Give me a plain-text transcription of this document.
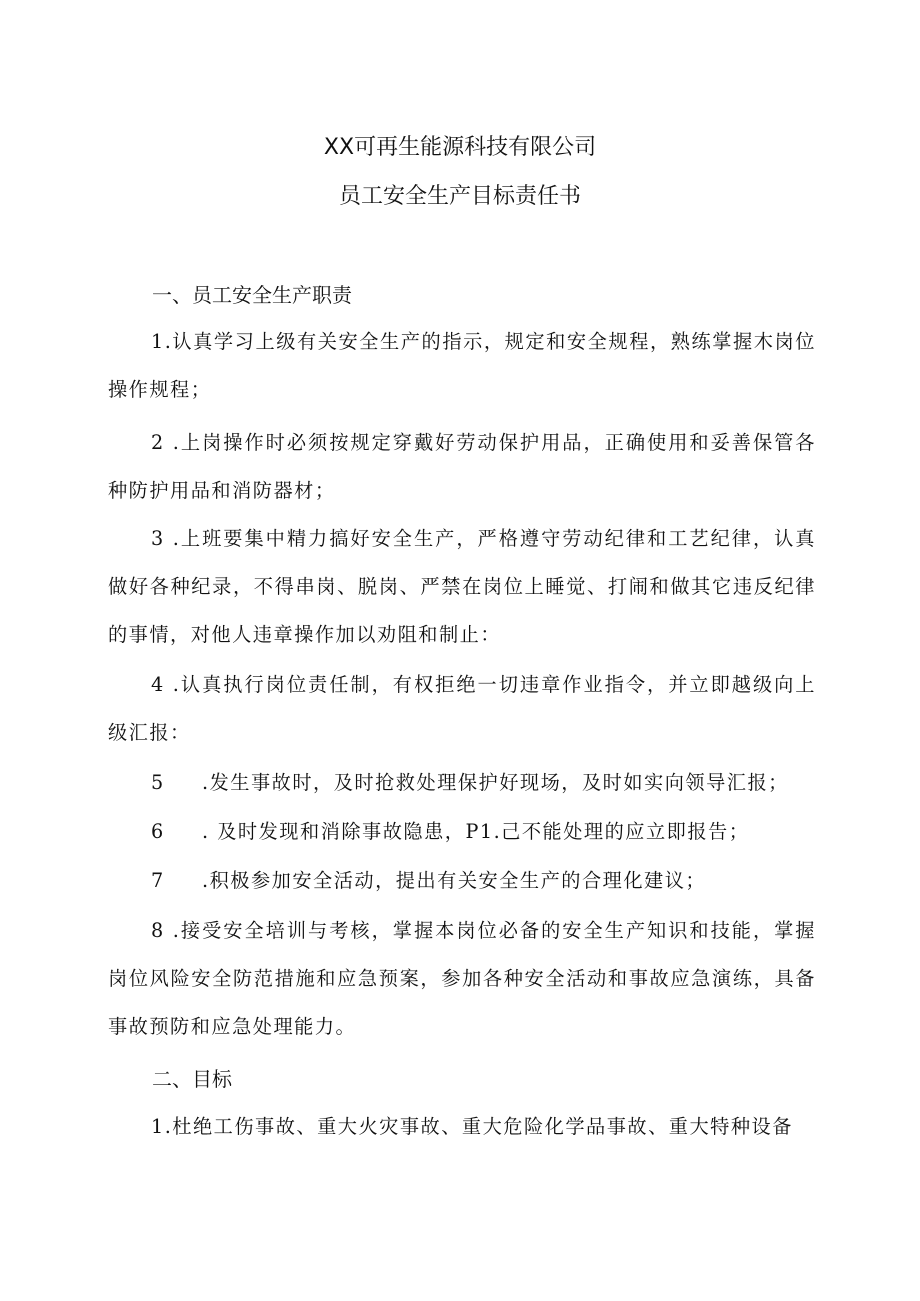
XX可再生能源科技有限公司
员工安全生产目标责任书
一、员工安全生产职责

1.认真学习上级有关安全生产的指示，规定和安全规程，熟练掌握木岗位操作规程；

2 .上岗操作时必须按规定穿戴好劳动保护用品，正确使用和妥善保管各种防护用品和消防器材；

3 .上班要集中精力搞好安全生产，严格遵守劳动纪律和工艺纪律，认真做好各种纪录，不得串岗、脱岗、严禁在岗位上睡觉、打闹和做其它违反纪律的事情，对他人违章操作加以劝阻和制止：

4 .认真执行岗位责任制，有权拒绝一切违章作业指令，并立即越级向上级汇报：

5 .发生事故时，及时抢救处理保护好现场，及时如实向领导汇报；
6 . 及时发现和消除事故隐患，P1.己不能处理的应立即报告；
7 .积极参加安全活动，提出有关安全生产的合理化建议；

8 .接受安全培训与考核，掌握本岗位必备的安全生产知识和技能，掌握岗位风险安全防范措施和应急预案，参加各种安全活动和事故应急演练，具备事故预防和应急处理能力。

二、目标

1.杜绝工伤事故、重大火灾事故、重大危险化学品事故、重大特种设备
